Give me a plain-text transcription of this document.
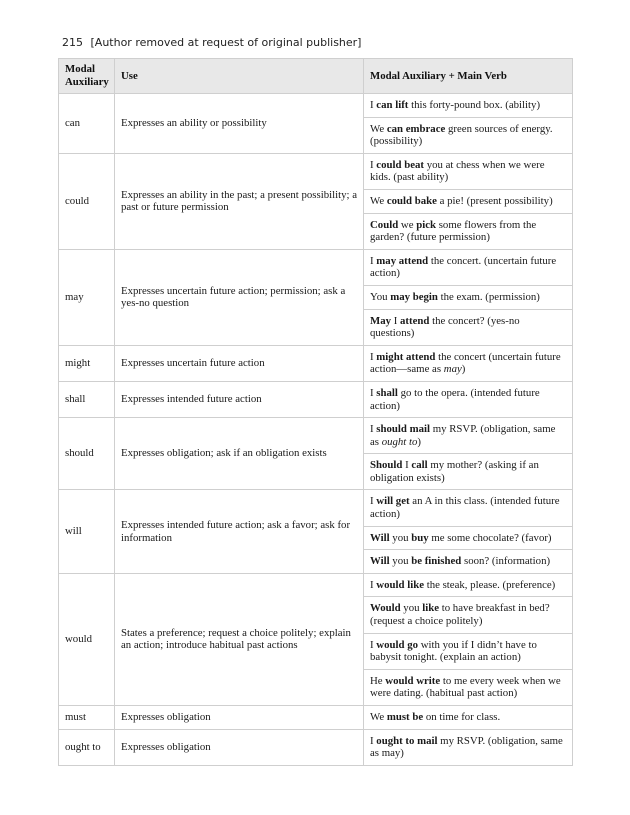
215 [Author removed at request of original publisher]
Modal Auxiliary	Use	Modal Auxiliary + Main Verb
can	Expresses an ability or possibility	I can lift this forty-pound box. (ability)
		We can embrace green sources of energy. (possibility)
could	Expresses an ability in the past; a present possibility; a past or future permission	I could beat you at chess when we were kids. (past ability)
		We could bake a pie! (present possibility)
		Could we pick some flowers from the garden? (future permission)
may	Expresses uncertain future action; permission; ask a yes-no question	I may attend the concert. (uncertain future action)
		You may begin the exam. (permission)
		May I attend the concert? (yes-no questions)
might	Expresses uncertain future action	I might attend the concert (uncertain future action—same as may)
shall	Expresses intended future action	I shall go to the opera. (intended future action)
should	Expresses obligation; ask if an obligation exists	I should mail my RSVP. (obligation, same as ought to)
		Should I call my mother? (asking if an obligation exists)
will	Expresses intended future action; ask a favor; ask for information	I will get an A in this class. (intended future action)
		Will you buy me some chocolate? (favor)
		Will you be finished soon? (information)
would	States a preference; request a choice politely; explain an action; introduce habitual past actions	I would like the steak, please. (preference)
		Would you like to have breakfast in bed? (request a choice politely)
		I would go with you if I didn’t have to babysit tonight. (explain an action)
		He would write to me every week when we were dating. (habitual past action)
must	Expresses obligation	We must be on time for class.
ought to	Expresses obligation	I ought to mail my RSVP. (obligation, same as may)
